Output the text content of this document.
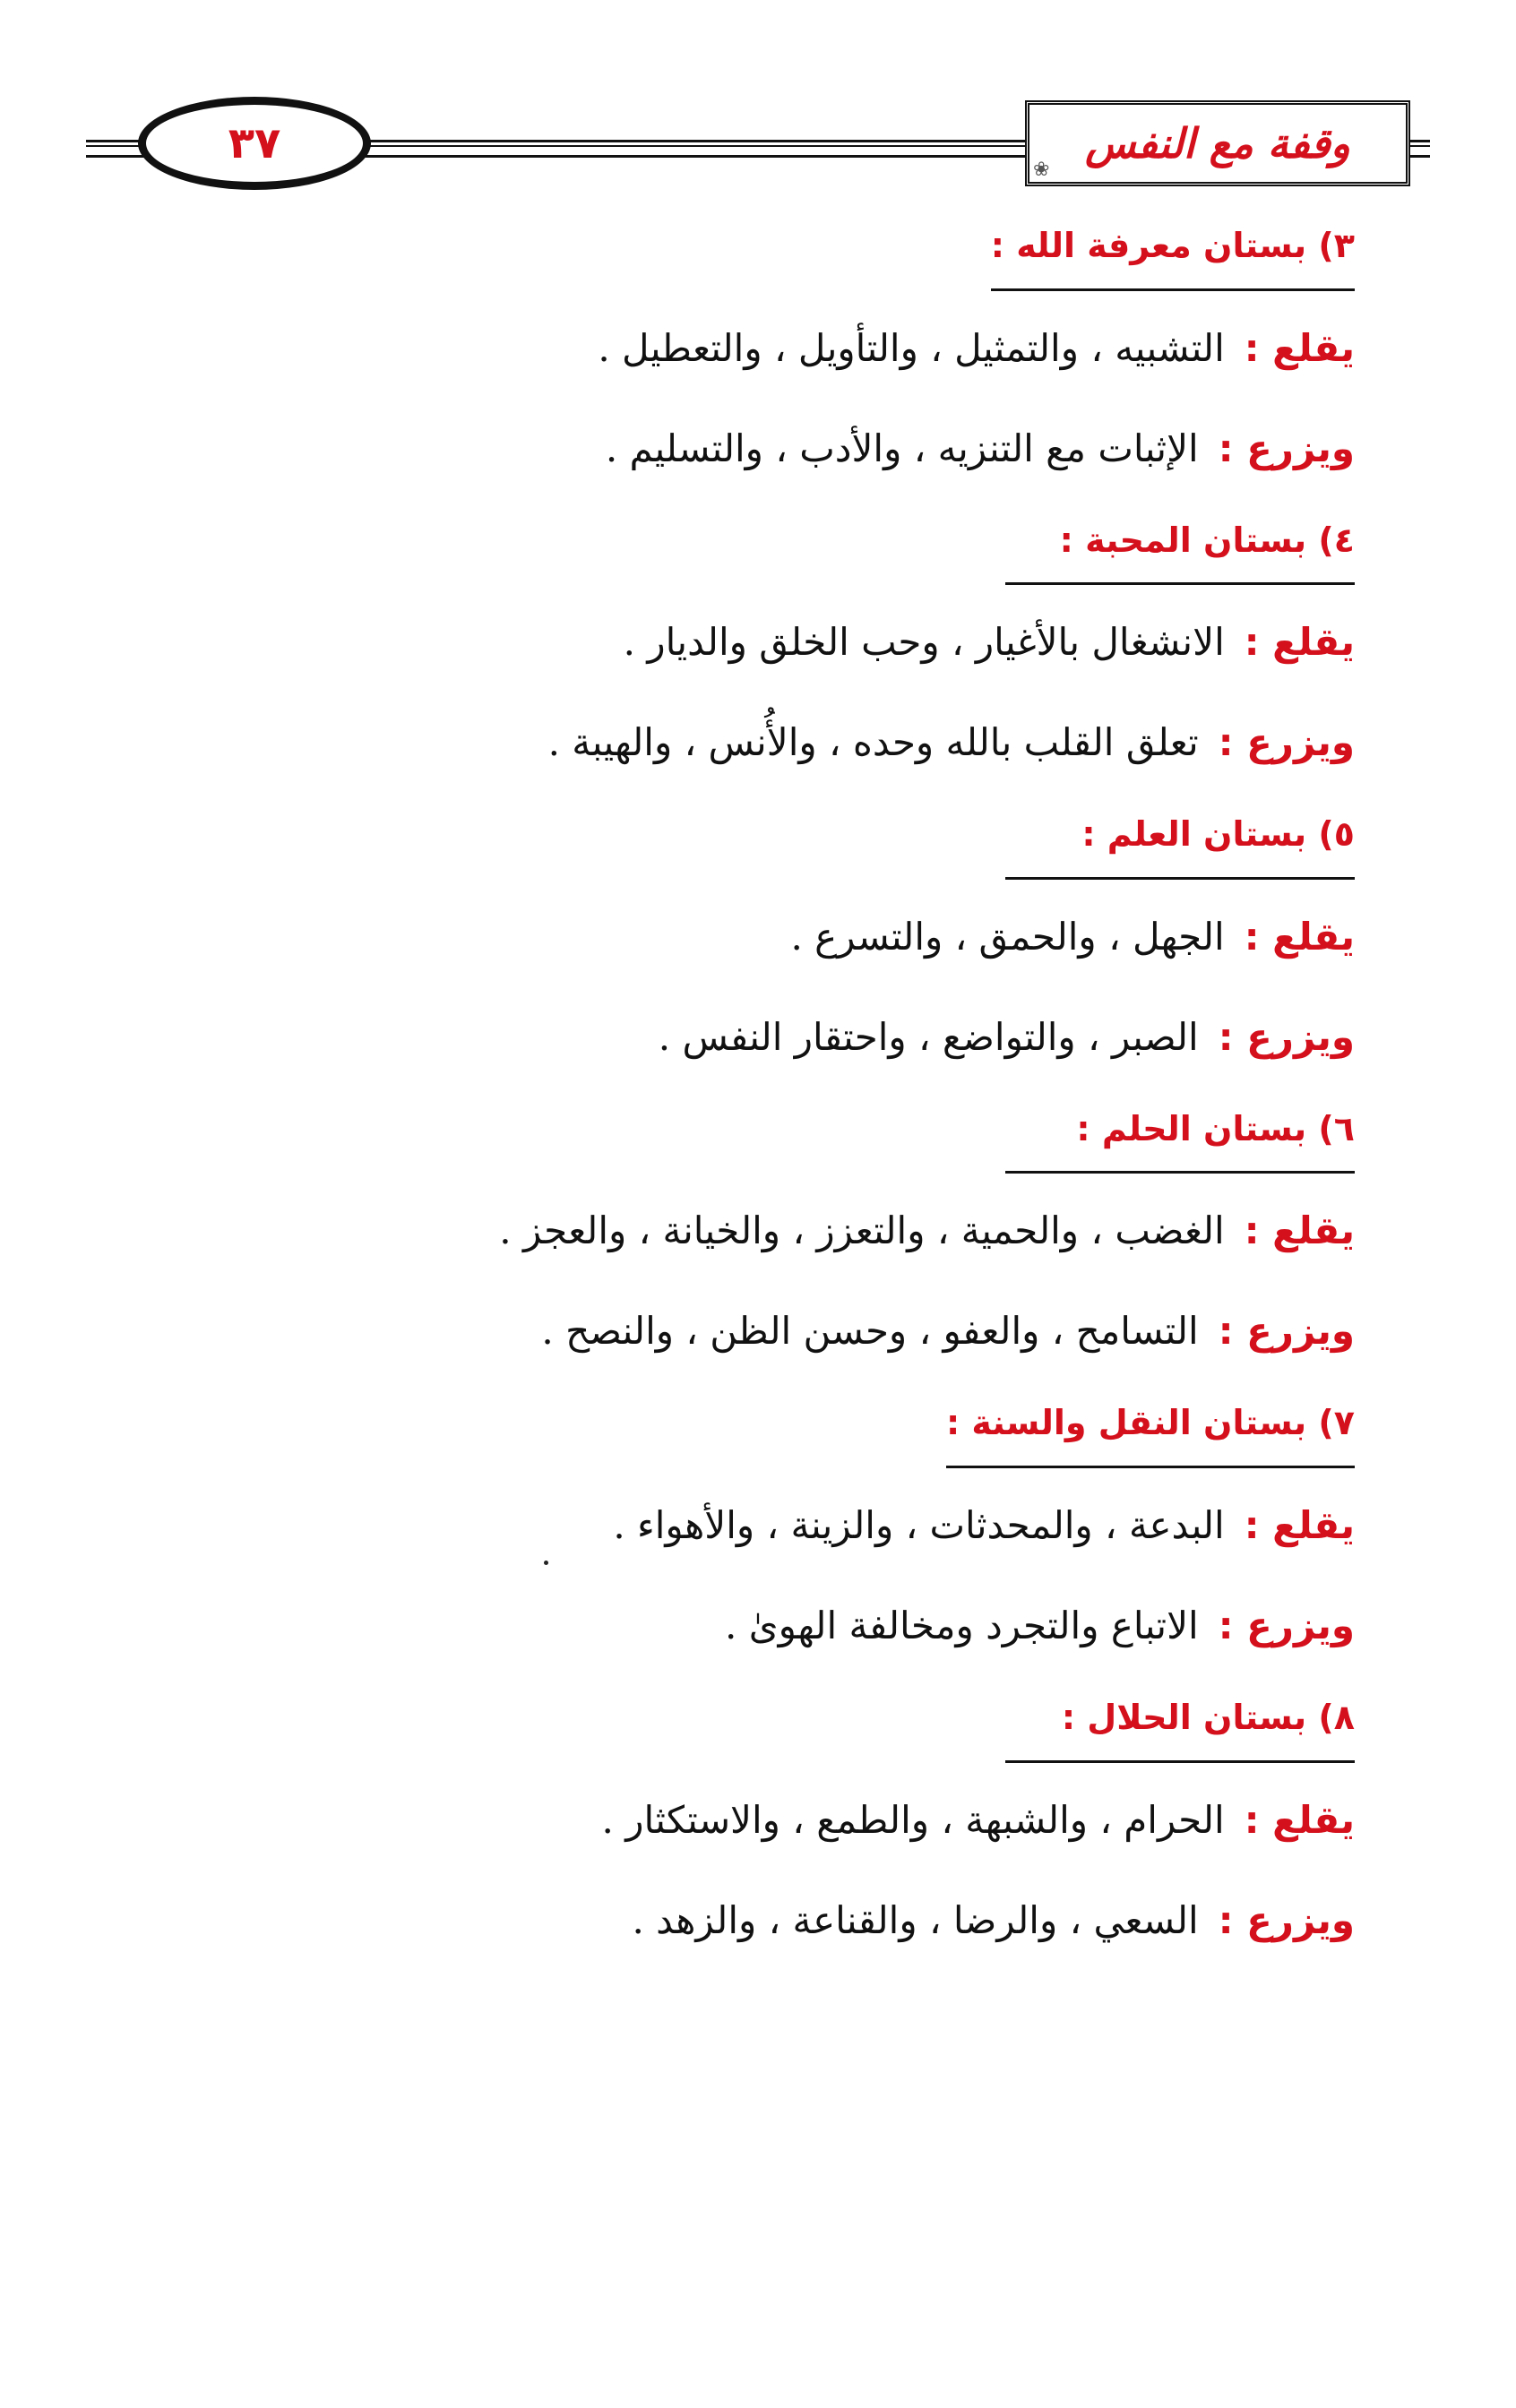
وقفة مع النفس
❀
٣٧
٣) بستان معرفة الله :
يقلع :التشبيه ، والتمثيل ، والتأويل ، والتعطيل .
ويزرع :الإثبات مع التنزيه ، والأدب ، والتسليم .
٤) بستان المحبة :
يقلع :الانشغال بالأغيار ، وحب الخلق والديار .
ويزرع :تعلق القلب بالله وحده ، والأُنس ، والهيبة .
٥) بستان العلم :
يقلع :الجهل ، والحمق ، والتسرع .
ويزرع :الصبر ، والتواضع ، واحتقار النفس .
٦) بستان الحلم :
يقلع :الغضب ، والحمية ، والتعزز ، والخيانة ، والعجز .
ويزرع :التسامح ، والعفو ، وحسن الظن ، والنصح .
٧) بستان النقل والسنة :
يقلع :البدعة ، والمحدثات ، والزينة ، والأهواء .
ويزرع :الاتباع والتجرد ومخالفة الهوىٰ .
٨) بستان الحلال :
يقلع :الحرام ، والشبهة ، والطمع ، والاستكثار .
ويزرع :السعي ، والرضا ، والقناعة ، والزهد .
